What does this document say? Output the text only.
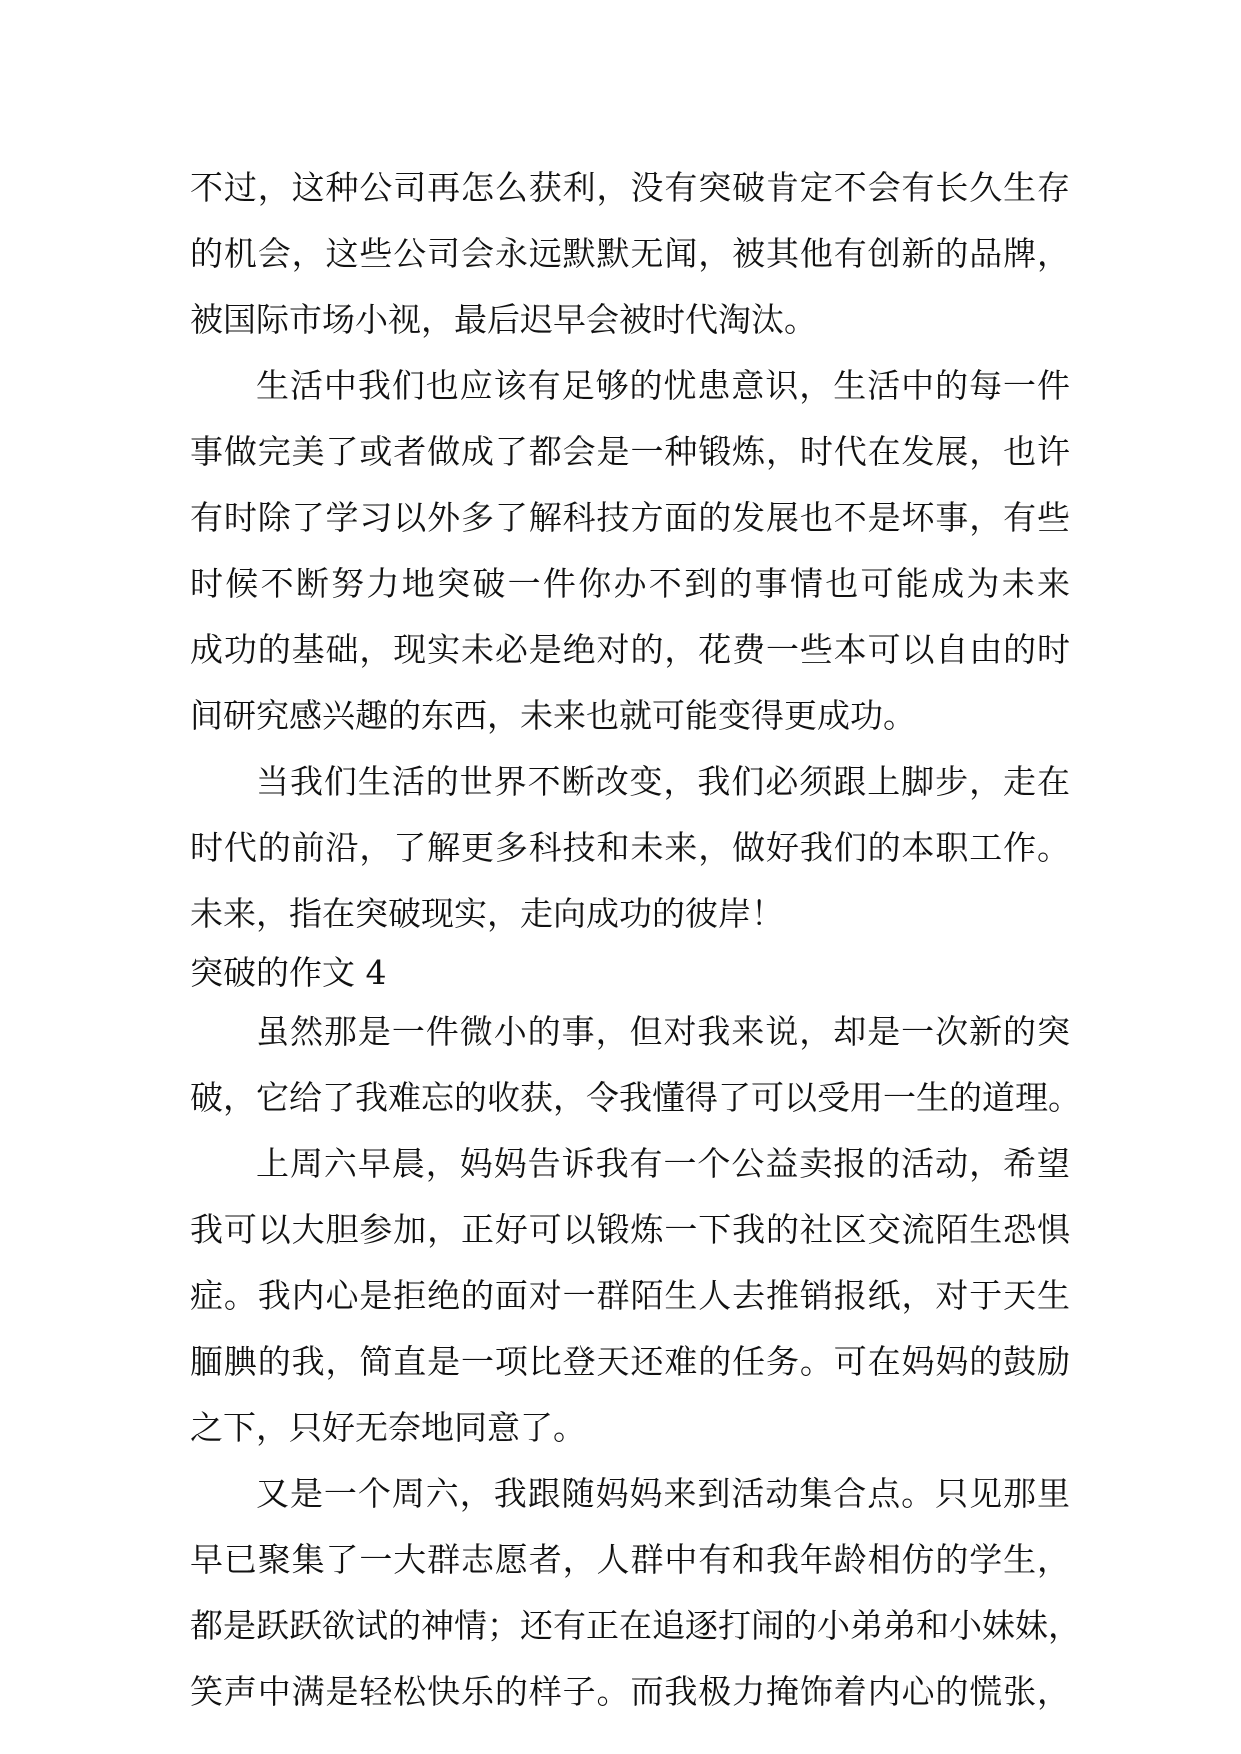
不过，这种公司再怎么获利，没有突破肯定不会有长久生存
的机会，这些公司会永远默默无闻，被其他有创新的品牌，
被国际市场小视，最后迟早会被时代淘汰。
生活中我们也应该有足够的忧患意识，生活中的每一件
事做完美了或者做成了都会是一种锻炼，时代在发展，也许
有时除了学习以外多了解科技方面的发展也不是坏事，有些
时候不断努力地突破一件你办不到的事情也可能成为未来
成功的基础，现实未必是绝对的，花费一些本可以自由的时
间研究感兴趣的东西，未来也就可能变得更成功。
当我们生活的世界不断改变，我们必须跟上脚步，走在
时代的前沿，了解更多科技和未来，做好我们的本职工作。
未来，指在突破现实，走向成功的彼岸！
突破的作文 4
虽然那是一件微小的事，但对我来说，却是一次新的突
破，它给了我难忘的收获，令我懂得了可以受用一生的道理。
上周六早晨，妈妈告诉我有一个公益卖报的活动，希望
我可以大胆参加，正好可以锻炼一下我的社区交流陌生恐惧
症。我内心是拒绝的面对一群陌生人去推销报纸，对于天生
腼腆的我，简直是一项比登天还难的任务。可在妈妈的鼓励
之下，只好无奈地同意了。
又是一个周六，我跟随妈妈来到活动集合点。只见那里
早已聚集了一大群志愿者，人群中有和我年龄相仿的学生，
都是跃跃欲试的神情；还有正在追逐打闹的小弟弟和小妹妹，
笑声中满是轻松快乐的样子。而我极力掩饰着内心的慌张，
